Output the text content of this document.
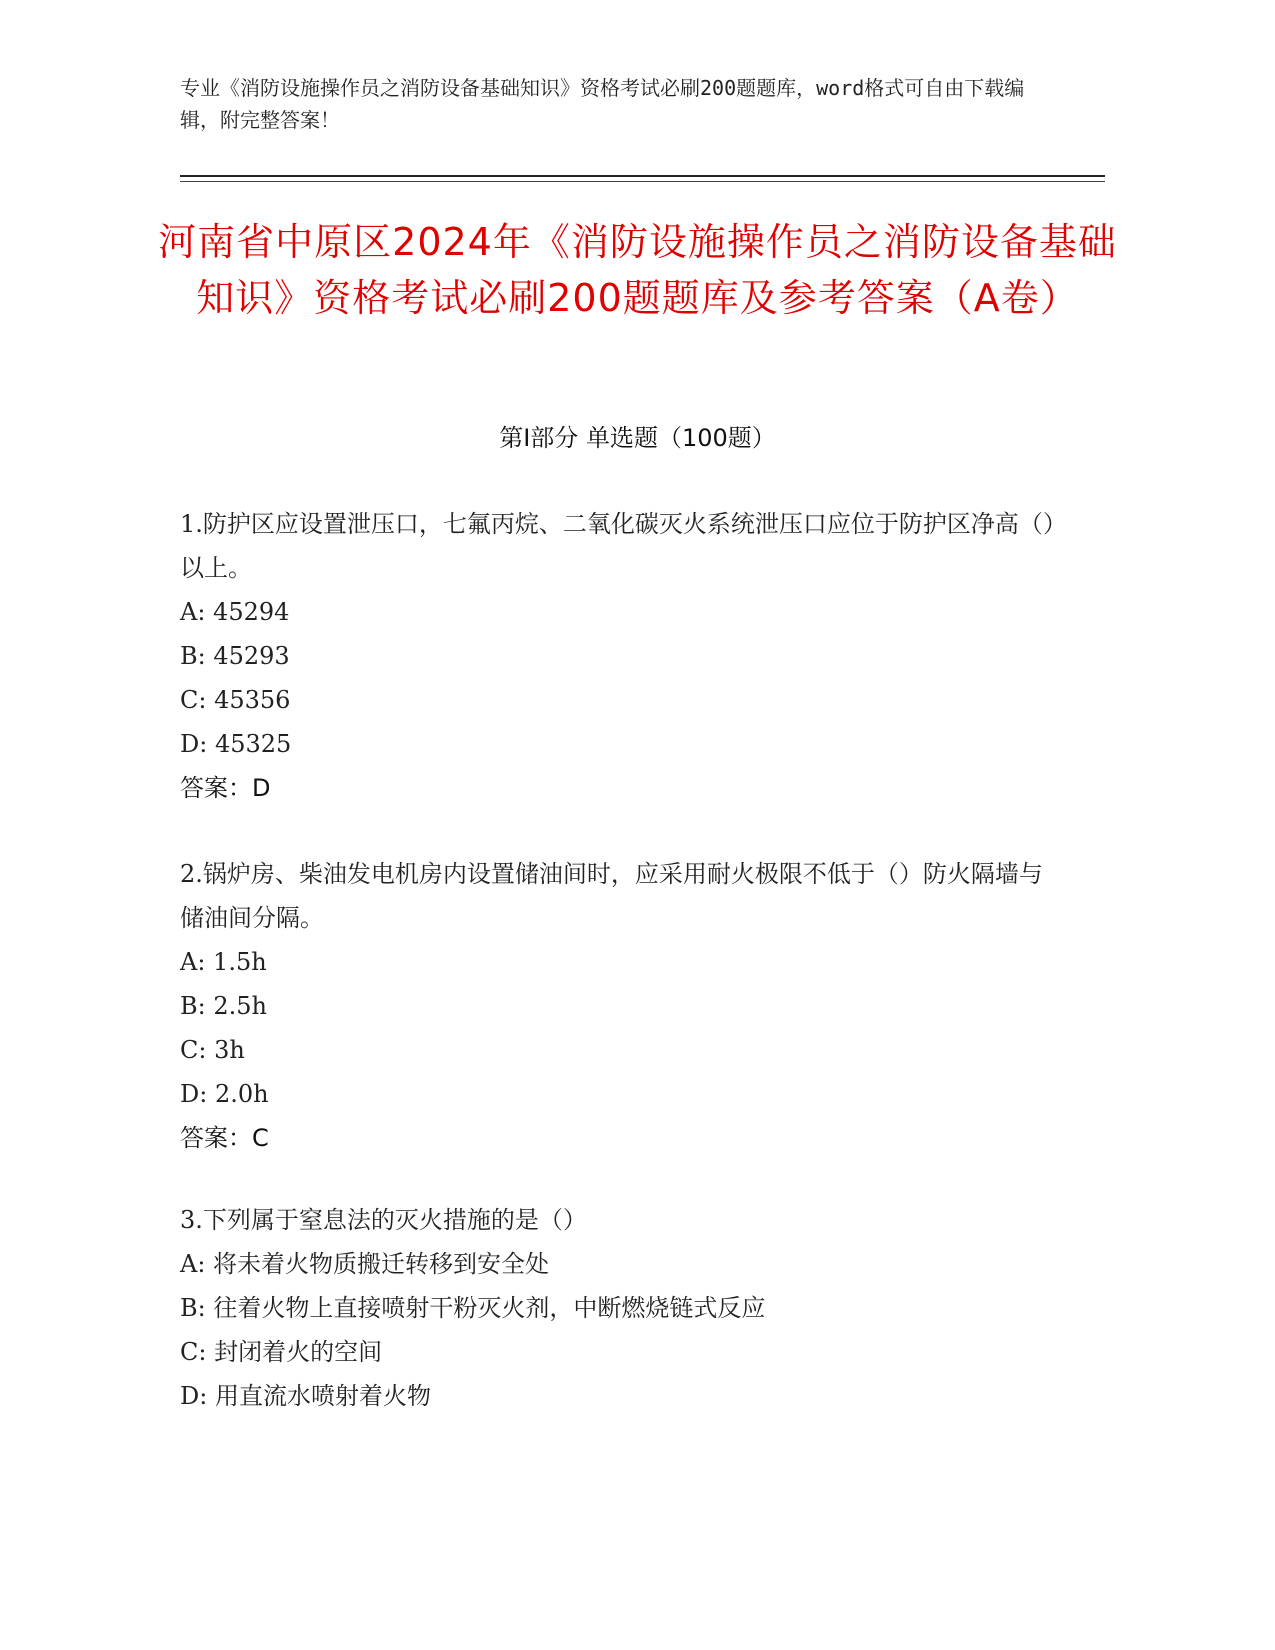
专业《消防设施操作员之消防设备基础知识》资格考试必刷200题题库，word格式可自由下载编辑，附完整答案！
河南省中原区2024年《消防设施操作员之消防设备基础知识》资格考试必刷200题题库及参考答案（A卷）
第Ⅰ部分 单选题（100题）
1.防护区应设置泄压口，七氟丙烷、二氧化碳灭火系统泄压口应位于防护区净高（）以上。
A: 45294
B: 45293
C: 45356
D: 45325
答案：D
2.锅炉房、柴油发电机房内设置储油间时，应采用耐火极限不低于（）防火隔墙与储油间分隔。
A: 1.5h
B: 2.5h
C: 3h
D: 2.0h
答案：C
3.下列属于窒息法的灭火措施的是（）
A: 将未着火物质搬迁转移到安全处
B: 往着火物上直接喷射干粉灭火剂，中断燃烧链式反应
C: 封闭着火的空间
D: 用直流水喷射着火物
